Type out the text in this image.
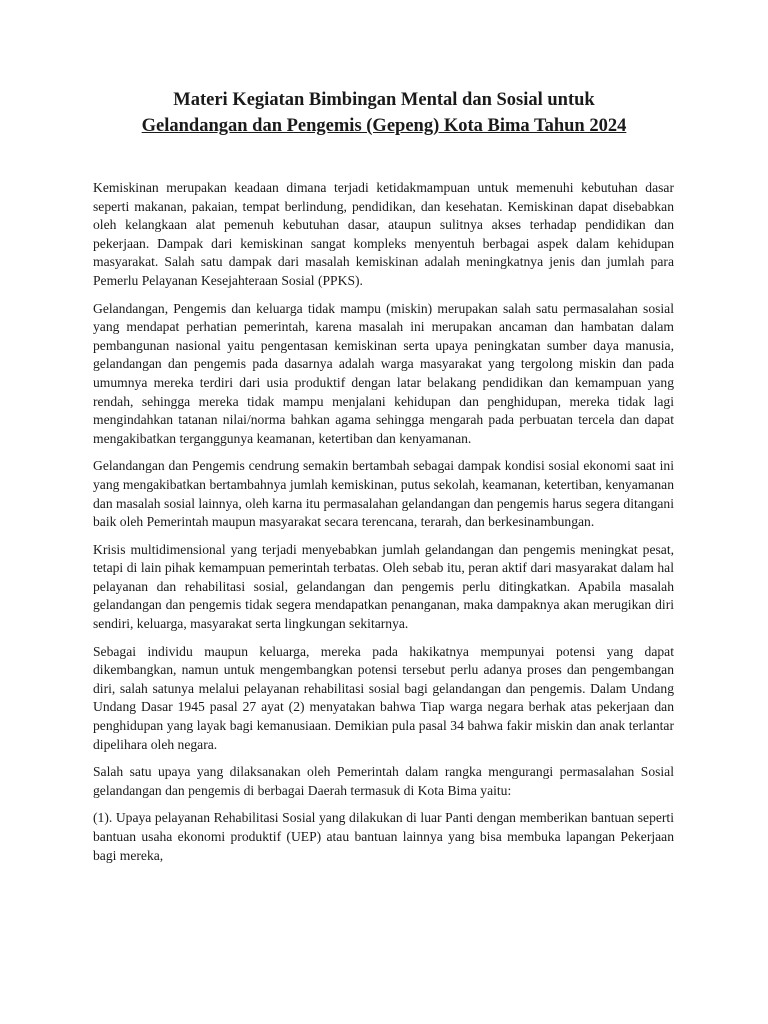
Materi Kegiatan Bimbingan Mental dan Sosial untuk
Gelandangan dan Pengemis (Gepeng) Kota Bima Tahun 2024

Kemiskinan merupakan keadaan dimana terjadi ketidakmampuan untuk memenuhi kebutuhan dasar seperti makanan, pakaian, tempat berlindung, pendidikan, dan kesehatan. Kemiskinan dapat disebabkan oleh kelangkaan alat pemenuh kebutuhan dasar, ataupun sulitnya akses terhadap pendidikan dan pekerjaan. Dampak dari kemiskinan sangat kompleks menyentuh berbagai aspek dalam kehidupan masyarakat. Salah satu dampak dari masalah kemiskinan adalah meningkatnya jenis dan jumlah para Pemerlu Pelayanan Kesejahteraan Sosial (PPKS).

Gelandangan, Pengemis dan keluarga tidak mampu (miskin) merupakan salah satu permasalahan sosial yang mendapat perhatian pemerintah, karena masalah ini merupakan ancaman dan hambatan dalam pembangunan nasional yaitu pengentasan kemiskinan serta upaya peningkatan sumber daya manusia, gelandangan dan pengemis pada dasarnya adalah warga masyarakat yang tergolong miskin dan pada umumnya mereka terdiri dari usia produktif dengan latar belakang pendidikan dan kemampuan yang rendah, sehingga mereka tidak mampu menjalani kehidupan dan penghidupan, mereka tidak lagi mengindahkan tatanan nilai/norma bahkan agama sehingga mengarah pada perbuatan tercela dan dapat mengakibatkan terganggunya keamanan, ketertiban dan kenyamanan.

Gelandangan dan Pengemis cendrung semakin bertambah sebagai dampak kondisi sosial ekonomi saat ini yang mengakibatkan bertambahnya jumlah kemiskinan, putus sekolah, keamanan, ketertiban, kenyamanan dan masalah sosial lainnya, oleh karna itu permasalahan gelandangan dan pengemis harus segera ditangani baik oleh Pemerintah maupun masyarakat secara terencana, terarah, dan berkesinambungan.

Krisis multidimensional yang terjadi menyebabkan jumlah gelandangan dan pengemis meningkat pesat, tetapi di lain pihak kemampuan pemerintah terbatas. Oleh sebab itu, peran aktif dari masyarakat dalam hal pelayanan dan rehabilitasi sosial, gelandangan dan pengemis perlu ditingkatkan. Apabila masalah gelandangan dan pengemis tidak segera mendapatkan penanganan, maka dampaknya akan merugikan diri sendiri, keluarga, masyarakat serta lingkungan sekitarnya.

Sebagai individu maupun keluarga, mereka pada hakikatnya mempunyai potensi yang dapat dikembangkan, namun untuk mengembangkan potensi tersebut perlu adanya proses dan pengembangan diri, salah satunya melalui pelayanan rehabilitasi sosial bagi gelandangan dan pengemis. Dalam Undang Undang Dasar 1945 pasal 27 ayat (2) menyatakan bahwa Tiap warga negara berhak atas pekerjaan dan penghidupan yang layak bagi kemanusiaan. Demikian pula pasal 34 bahwa fakir miskin dan anak terlantar dipelihara oleh negara.

Salah satu upaya yang dilaksanakan oleh Pemerintah dalam rangka mengurangi permasalahan Sosial gelandangan dan pengemis di berbagai Daerah termasuk di Kota Bima yaitu:

(1). Upaya pelayanan Rehabilitasi Sosial yang dilakukan di luar Panti dengan memberikan bantuan seperti bantuan usaha ekonomi produktif (UEP) atau bantuan lainnya yang bisa membuka lapangan Pekerjaan bagi mereka,
